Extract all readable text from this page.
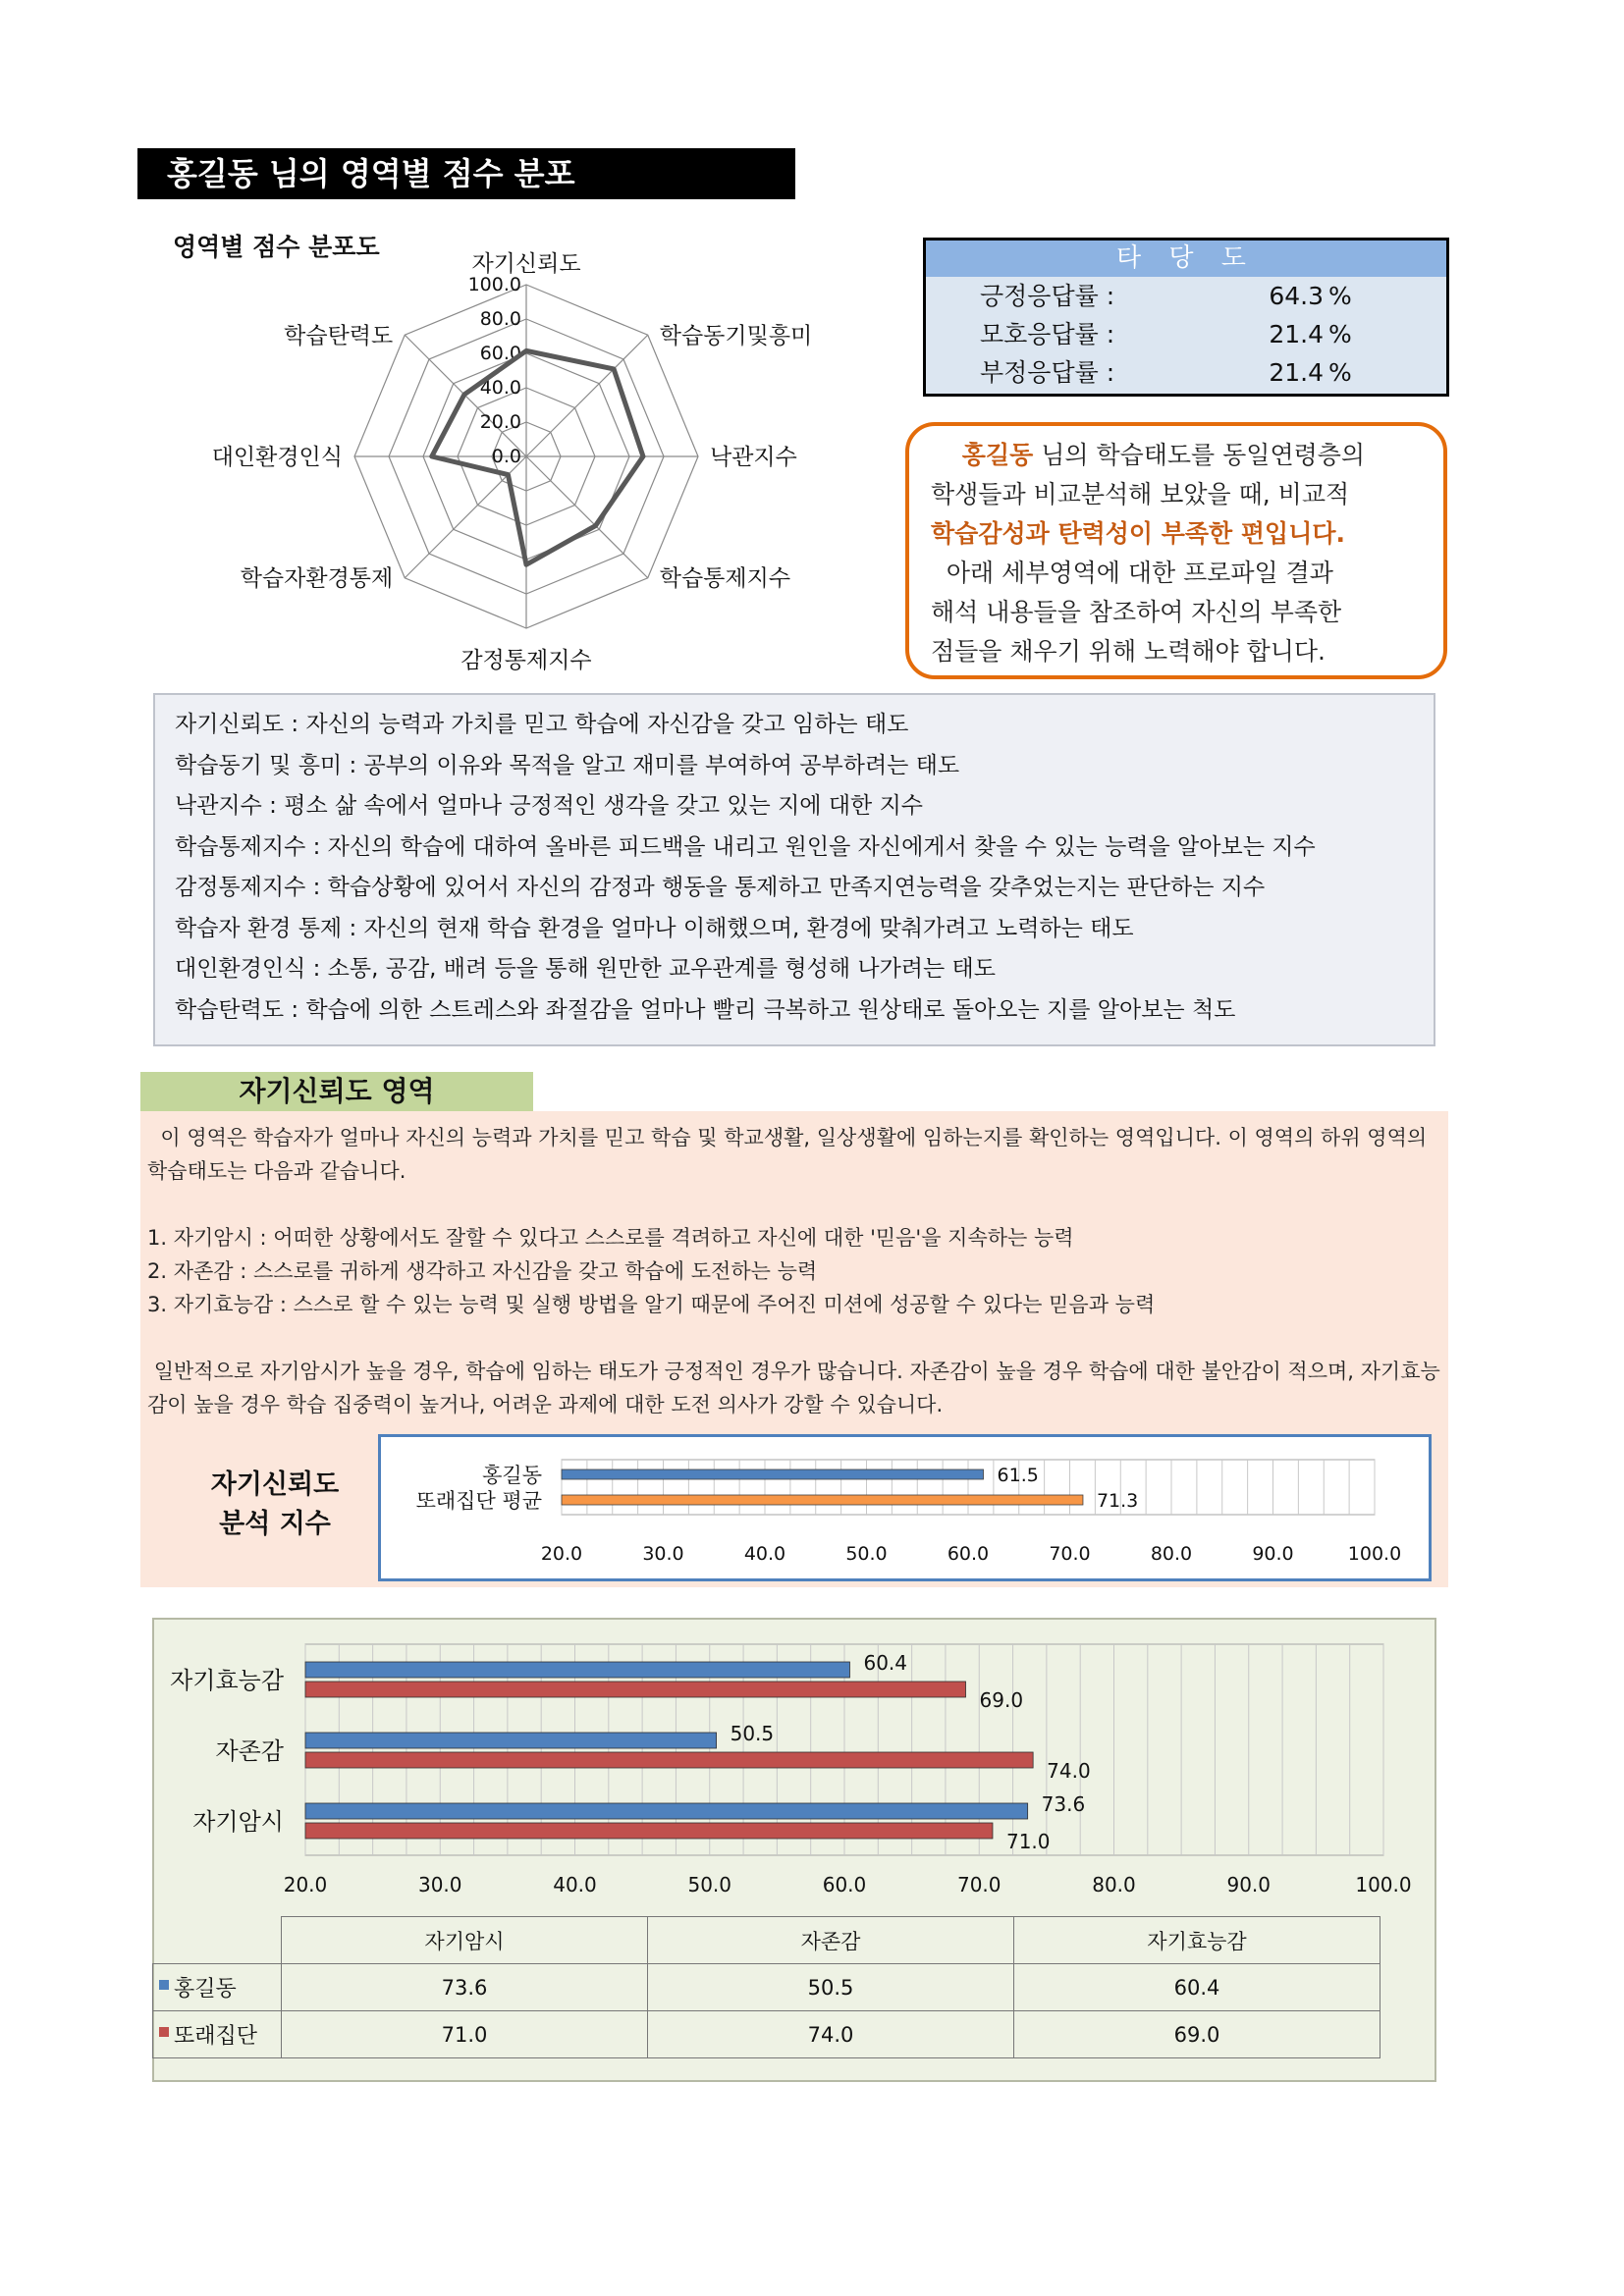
홍길동 님의 영역별 점수 분포
영역별 점수 분포도
0.0
20.0
40.0
60.0
80.0
100.0
자기신뢰도
학습동기및흥미
낙관지수
학습통제지수
감정통제지수
학습자환경통제
대인환경인식
학습탄력도
타 당 도
긍정응답률 :	64.3 %
모호응답률 :	21.4 %
부정응답률 :	21.4 %
홍길동 님의 학습태도를 동일연령층의
학생들과 비교분석해 보았을 때, 비교적
학습감성과 탄력성이 부족한 편입니다.
아래 세부영역에 대한 프로파일 결과
해석 내용들을 참조하여 자신의 부족한
점들을 채우기 위해 노력해야 합니다.
자기신뢰도 : 자신의 능력과 가치를 믿고 학습에 자신감을 갖고 임하는 태도
학습동기 및 흥미 : 공부의 이유와 목적을 알고 재미를 부여하여 공부하려는 태도
낙관지수 : 평소 삶 속에서 얼마나 긍정적인 생각을 갖고 있는 지에 대한 지수
학습통제지수 : 자신의 학습에 대하여 올바른 피드백을 내리고 원인을 자신에게서 찾을 수 있는 능력을 알아보는 지수
감정통제지수 : 학습상황에 있어서 자신의 감정과 행동을 통제하고 만족지연능력을 갖추었는지는 판단하는 지수
학습자 환경 통제 : 자신의 현재 학습 환경을 얼마나 이해했으며, 환경에 맞춰가려고 노력하는 태도
대인환경인식 : 소통, 공감, 배려 등을 통해 원만한 교우관계를 형성해 나가려는 태도
학습탄력도 : 학습에 의한 스트레스와 좌절감을 얼마나 빨리 극복하고 원상태로 돌아오는 지를 알아보는 척도
자기신뢰도 영역

이 영역은 학습자가 얼마나 자신의 능력과 가치를 믿고 학습 및 학교생활, 일상생활에 임하는지를 확인하는 영역입니다. 이 영역의 하위 영역의 학습태도는 다음과 같습니다.

1. 자기암시 : 어떠한 상황에서도 잘할 수 있다고 스스로를 격려하고 자신에 대한 '믿음'을 지속하는 능력

2. 자존감 : 스스로를 귀하게 생각하고 자신감을 갖고 학습에 도전하는 능력

3. 자기효능감 : 스스로 할 수 있는 능력 및 실행 방법을 알기 때문에 주어진 미션에 성공할 수 있다는 믿음과 능력

일반적으로 자기암시가 높을 경우, 학습에 임하는 태도가 긍정적인 경우가 많습니다. 자존감이 높을 경우 학습에 대한 불안감이 적으며, 자기효능감이 높을 경우 학습 집중력이 높거나, 어려운 과제에 대한 도전 의사가 강할 수 있습니다.

자기신뢰도
분석 지수
20.0	30.0	40.0	50.0	60.0	70.0	80.0	90.0	100.0
61.5
홍길동
71.3
또래집단 평균
20.0	30.0	40.0	50.0	60.0	70.0	80.0	90.0	100.0
자기효능감
60.4
69.0
자존감
50.5
74.0
자기암시
73.6
71.0
	자기암시	자존감	자기효능감
홍길동	73.6	50.5	60.4
또래집단	71.0	74.0	69.0
